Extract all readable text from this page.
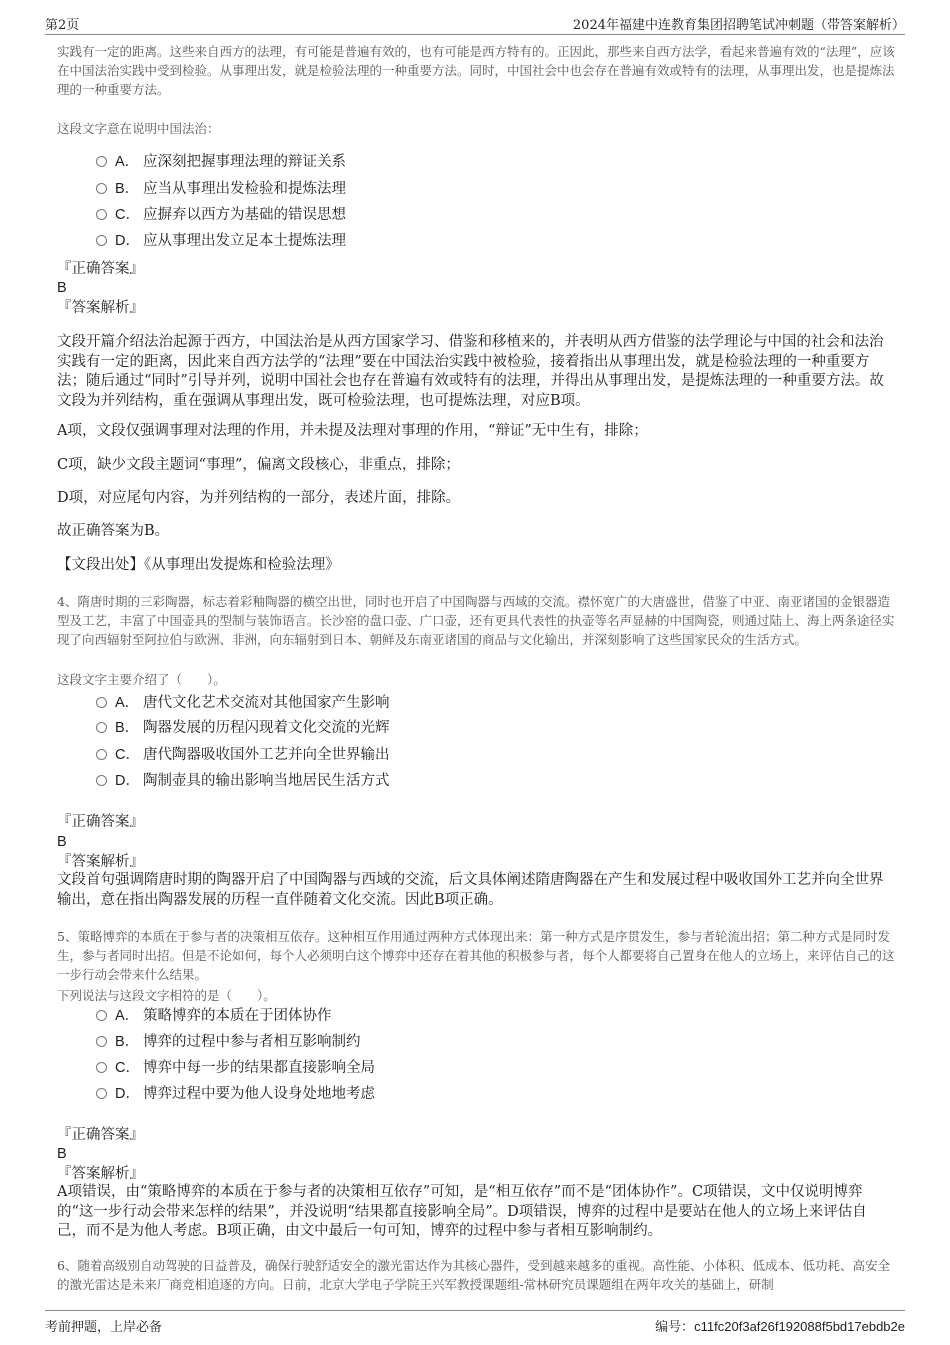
第2页	2024年福建中连教育集团招聘笔试冲刺题（带答案解析）
实践有一定的距离。这些来自西方的法理，有可能是普遍有效的，也有可能是西方特有的。正因此，那些来自西方法学，看起来普遍有效的“法理”，应该在中国法治实践中受到检验。从事理出发，就是检验法理的一种重要方法。同时，中国社会中也会存在普遍有效或特有的法理，从事理出发，也是提炼法理的一种重要方法。
这段文字意在说明中国法治：
A． 应深刻把握事理法理的辩证关系
B． 应当从事理出发检验和提炼法理
C． 应摒弃以西方为基础的错误思想
D． 应从事理出发立足本土提炼法理
『正确答案』
B
『答案解析』
文段开篇介绍法治起源于西方，中国法治是从西方国家学习、借鉴和移植来的，并表明从西方借鉴的法学理论与中国的社会和法治实践有一定的距离，因此来自西方法学的“法理”要在中国法治实践中被检验，接着指出从事理出发，就是检验法理的一种重要方法；随后通过“同时”引导并列，说明中国社会也存在普遍有效或特有的法理，并得出从事理出发，是提炼法理的一种重要方法。故文段为并列结构，重在强调从事理出发，既可检验法理，也可提炼法理，对应B项。
A项，文段仅强调事理对法理的作用，并未提及法理对事理的作用，“辩证”无中生有，排除；
C项，缺少文段主题词“事理”，偏离文段核心，非重点，排除；
D项，对应尾句内容，为并列结构的一部分，表述片面，排除。
故正确答案为B。
【文段出处】《从事理出发提炼和检验法理》
4、隋唐时期的三彩陶器，标志着彩釉陶器的横空出世，同时也开启了中国陶器与西域的交流。襟怀宽广的大唐盛世，借鉴了中亚、南亚诸国的金银器造型及工艺，丰富了中国壶具的型制与装饰语言。长沙窑的盘口壶、广口壶，还有更具代表性的执壶等名声显赫的中国陶瓷，则通过陆上、海上两条途径实现了向西辐射至阿拉伯与欧洲、非洲，向东辐射到日本、朝鲜及东南亚诸国的商品与文化输出，并深刻影响了这些国家民众的生活方式。
这段文字主要介绍了（　　）。
A． 唐代文化艺术交流对其他国家产生影响
B． 陶器发展的历程闪现着文化交流的光辉
C． 唐代陶器吸收国外工艺并向全世界输出
D． 陶制壶具的输出影响当地居民生活方式
『正确答案』
B
『答案解析』
文段首句强调隋唐时期的陶器开启了中国陶器与西域的交流，后文具体阐述隋唐陶器在产生和发展过程中吸收国外工艺并向全世界输出，意在指出陶器发展的历程一直伴随着文化交流。因此B项正确。
5、策略博弈的本质在于参与者的决策相互依存。这种相互作用通过两种方式体现出来：第一种方式是序贯发生，参与者轮流出招；第二种方式是同时发生，参与者同时出招。但是不论如何，每个人必须明白这个博弈中还存在着其他的积极参与者，每个人都要将自己置身在他人的立场上，来评估自己的这一步行动会带来什么结果。
下列说法与这段文字相符的是（　　）。
A． 策略博弈的本质在于团体协作
B． 博弈的过程中参与者相互影响制约
C． 博弈中每一步的结果都直接影响全局
D． 博弈过程中要为他人设身处地地考虑
『正确答案』
B
『答案解析』
A项错误，由“策略博弈的本质在于参与者的决策相互依存”可知，是“相互依存”而不是“团体协作”。C项错误，文中仅说明博弈的“这一步行动会带来怎样的结果”，并没说明“结果都直接影响全局”。D项错误，博弈的过程中是要站在他人的立场上来评估自己，而不是为他人考虑。B项正确，由文中最后一句可知，博弈的过程中参与者相互影响制约。
6、随着高级别自动驾驶的日益普及，确保行驶舒适安全的激光雷达作为其核心器件，受到越来越多的重视。高性能、小体积、低成本、低功耗、高安全的激光雷达是未来厂商竞相追逐的方向。日前，北京大学电子学院王兴军教授课题组-常林研究员课题组在两年攻关的基础上，研制
考前押题，上岸必备	编号：c11fc20f3af26f192088f5bd17ebdb2e
